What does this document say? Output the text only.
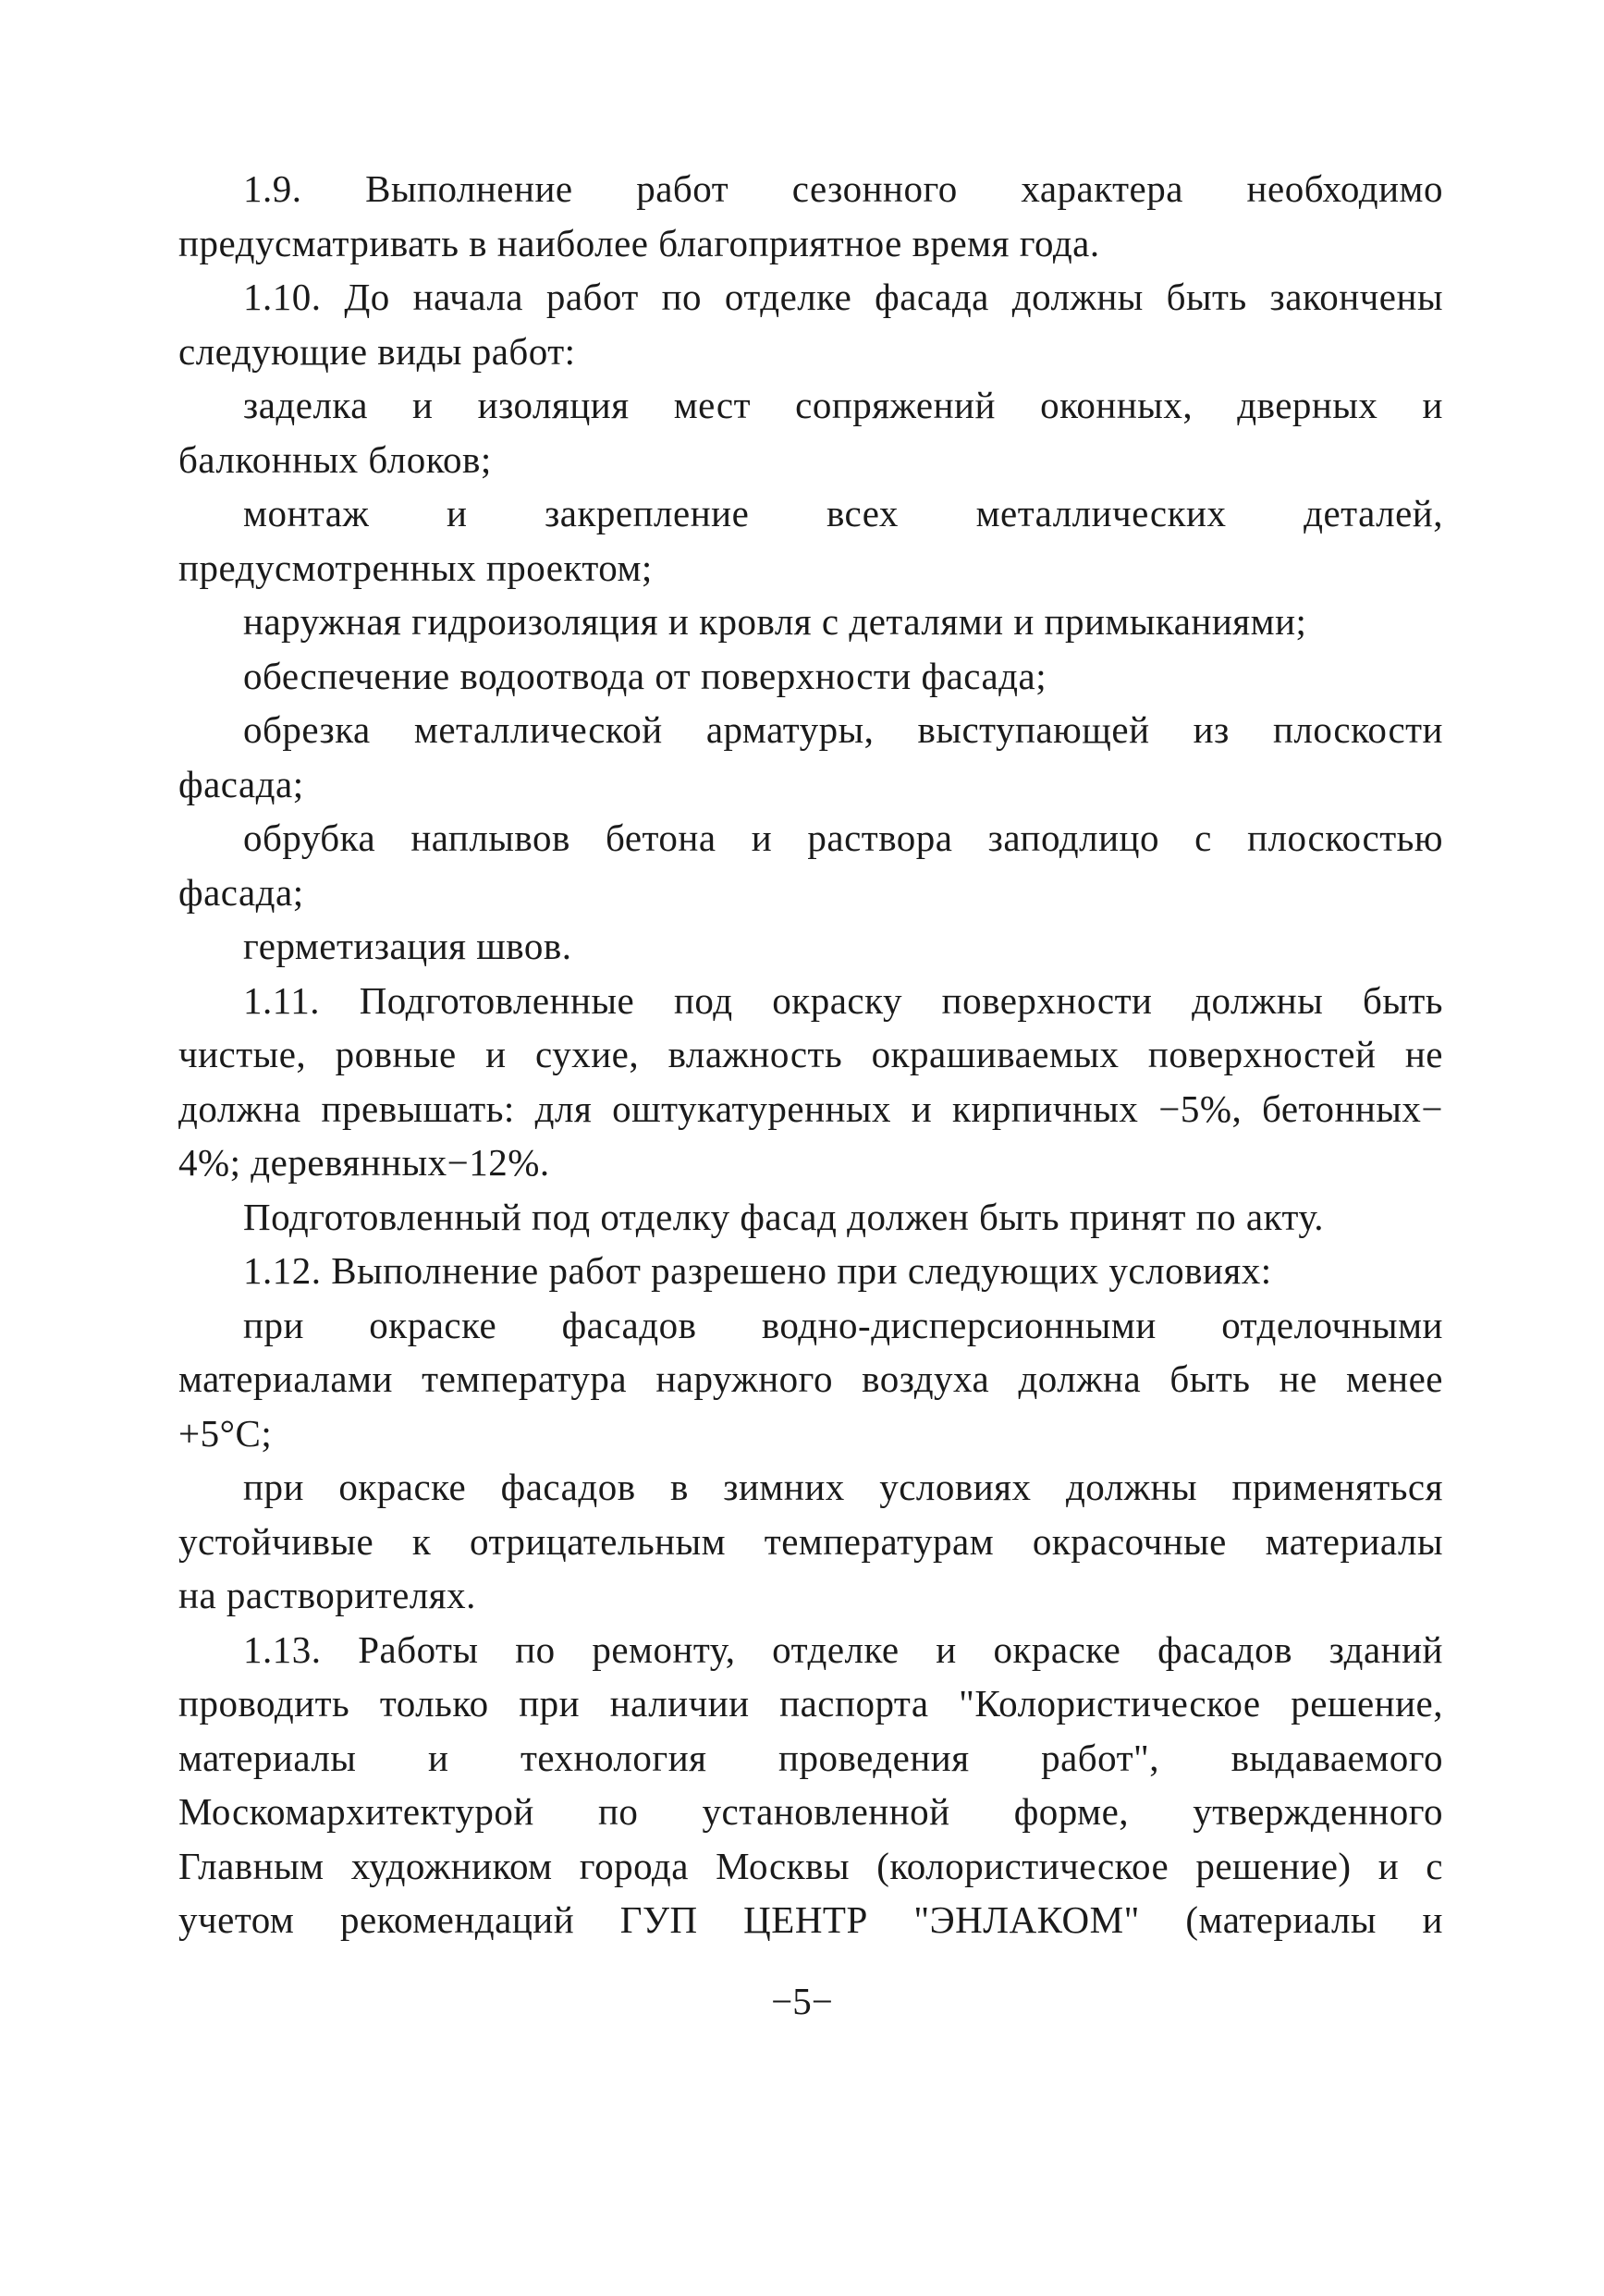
1.9. Выполнение работ сезонного характера необходимо
предусматривать в наиболее благоприятное время года.
1.10. До начала работ по отделке фасада должны быть закончены
следующие виды работ:
заделка и изоляция мест сопряжений оконных, дверных и
балконных блоков;
монтаж и закрепление всех металлических деталей,
предусмотренных проектом;
наружная гидроизоляция и кровля с деталями и примыканиями;
обеспечение водоотвода от поверхности фасада;
обрезка металлической арматуры, выступающей из плоскости
фасада;
обрубка наплывов бетона и раствора заподлицо с плоскостью
фасада;
герметизация швов.
1.11. Подготовленные под окраску поверхности должны быть
чистые, ровные и сухие, влажность окрашиваемых поверхностей не
должна превышать: для оштукатуренных и кирпичных −5%, бетонных−
4%; деревянных−12%.
Подготовленный под отделку фасад должен быть принят по акту.
1.12. Выполнение работ разрешено при следующих условиях:
при окраске фасадов водно-дисперсионными отделочными
материалами температура наружного воздуха должна быть не менее
+5°С;
при окраске фасадов в зимних условиях должны применяться
устойчивые к отрицательным температурам окрасочные материалы
на растворителях.
1.13. Работы по ремонту, отделке и окраске фасадов зданий
проводить только при наличии паспорта "Колористическое решение,
материалы и технология проведения работ", выдаваемого
Москомархитектурой по установленной форме, утвержденного
Главным художником города Москвы (колористическое решение) и с
учетом рекомендаций ГУП ЦЕНТР "ЭНЛАКОМ" (материалы и
−5−
